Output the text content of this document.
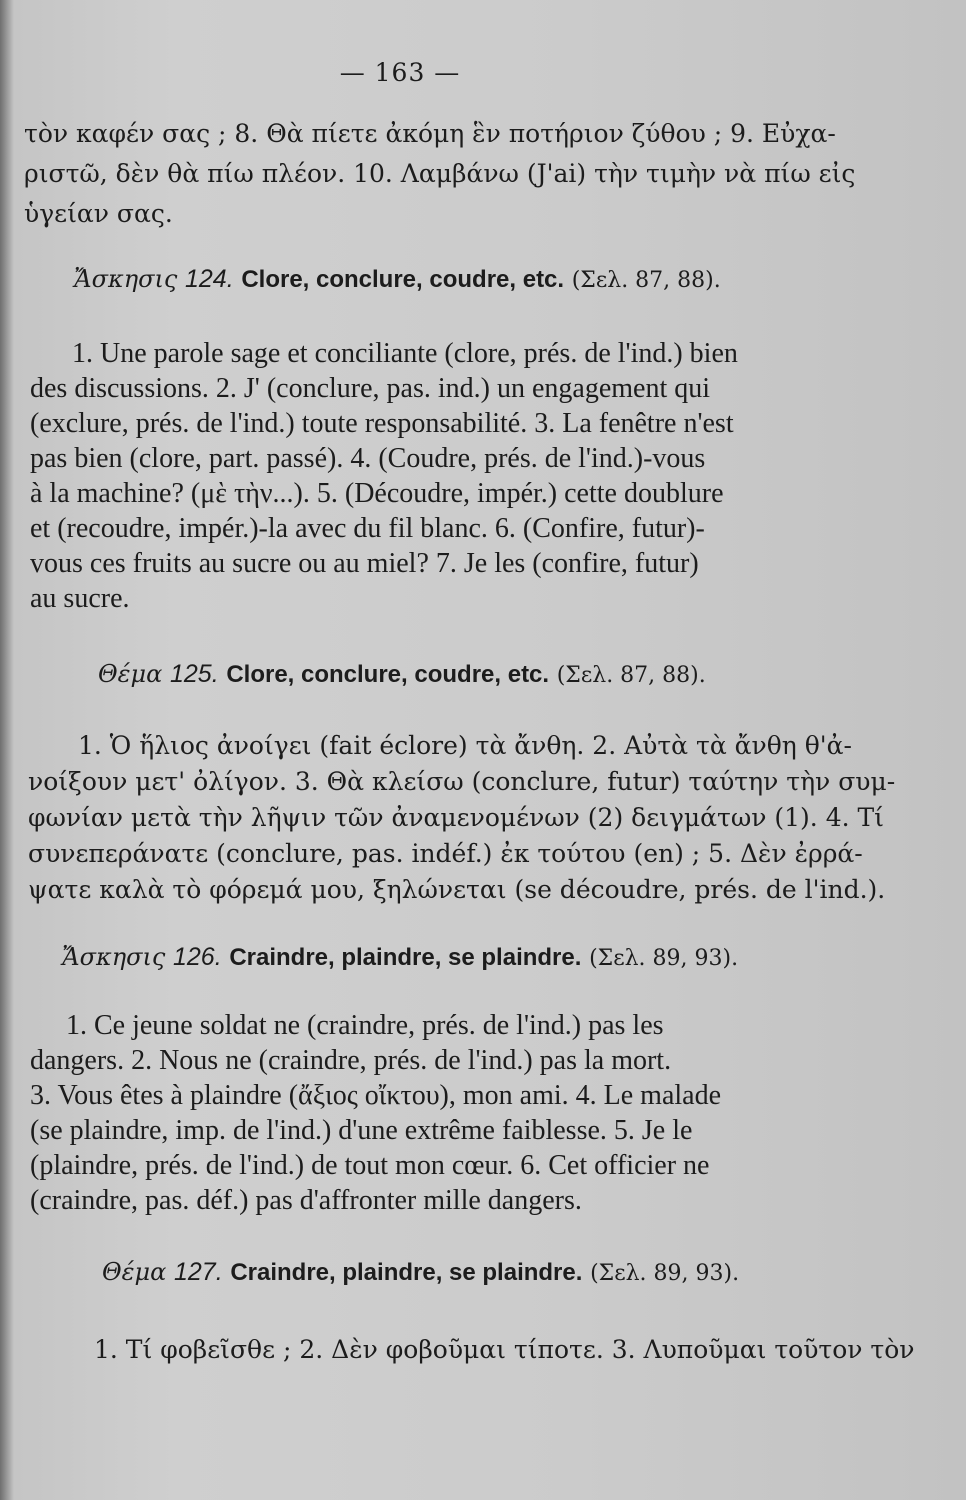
— 163 —
τὸν καφέν σας ; 8. Θὰ πίετε ἀκόμη ἓν ποτήριον ζύθου ; 9. Εὐχα-
ριστῶ, δὲν θὰ πίω πλέον. 10. Λαμβάνω (J'ai) τὴν τιμὴν νὰ πίω εἰς
ὑγείαν σας.
Ἄσκησις 124. Clore, conclure, coudre, etc. (Σελ. 87, 88).
1. Une parole sage et conciliante (clore, prés. de l'ind.) bien
des discussions. 2. J' (conclure, pas. ind.) un engagement qui
(exclure, prés. de l'ind.) toute responsabilité. 3. La fenêtre n'est
pas bien (clore, part. passé). 4. (Coudre, prés. de l'ind.)-vous
à la machine? (μὲ τὴν...). 5. (Découdre, impér.) cette doublure
et (recoudre, impér.)-la avec du fil blanc. 6. (Confire, futur)-
vous ces fruits au sucre ou au miel? 7. Je les (confire, futur)
au sucre.
Θέμα 125. Clore, conclure, coudre, etc. (Σελ. 87, 88).
1. Ὁ ἥλιος ἀνοίγει (fait éclore) τὰ ἄνθη. 2. Αὐτὰ τὰ ἄνθη θ'ἀ-
νοίξουν μετ' ὀλίγον. 3. Θὰ κλείσω (conclure, futur) ταύτην τὴν συμ-
φωνίαν μετὰ τὴν λῆψιν τῶν ἀναμενομένων (2) δειγμάτων (1). 4. Τί
συνεπεράνατε (conclure, pas. indéf.) ἐκ τούτου (en) ; 5. Δὲν ἐρρά-
ψατε καλὰ τὸ φόρεμά μου, ξηλώνεται (se découdre, prés. de l'ind.).
Ἄσκησις 126. Craindre, plaindre, se plaindre. (Σελ. 89, 93).
1. Ce jeune soldat ne (craindre, prés. de l'ind.) pas les
dangers. 2. Nous ne (craindre, prés. de l'ind.) pas la mort.
3. Vous êtes à plaindre (ἄξιος οἴκτου), mon ami. 4. Le malade
(se plaindre, imp. de l'ind.) d'une extrême faiblesse. 5. Je le
(plaindre, prés. de l'ind.) de tout mon cœur. 6. Cet officier ne
(craindre, pas. déf.) pas d'affronter mille dangers.
Θέμα 127. Craindre, plaindre, se plaindre. (Σελ. 89, 93).
1. Τί φοβεῖσθε ; 2. Δὲν φοβοῦμαι τίποτε. 3. Λυποῦμαι τοῦτον τὸν
